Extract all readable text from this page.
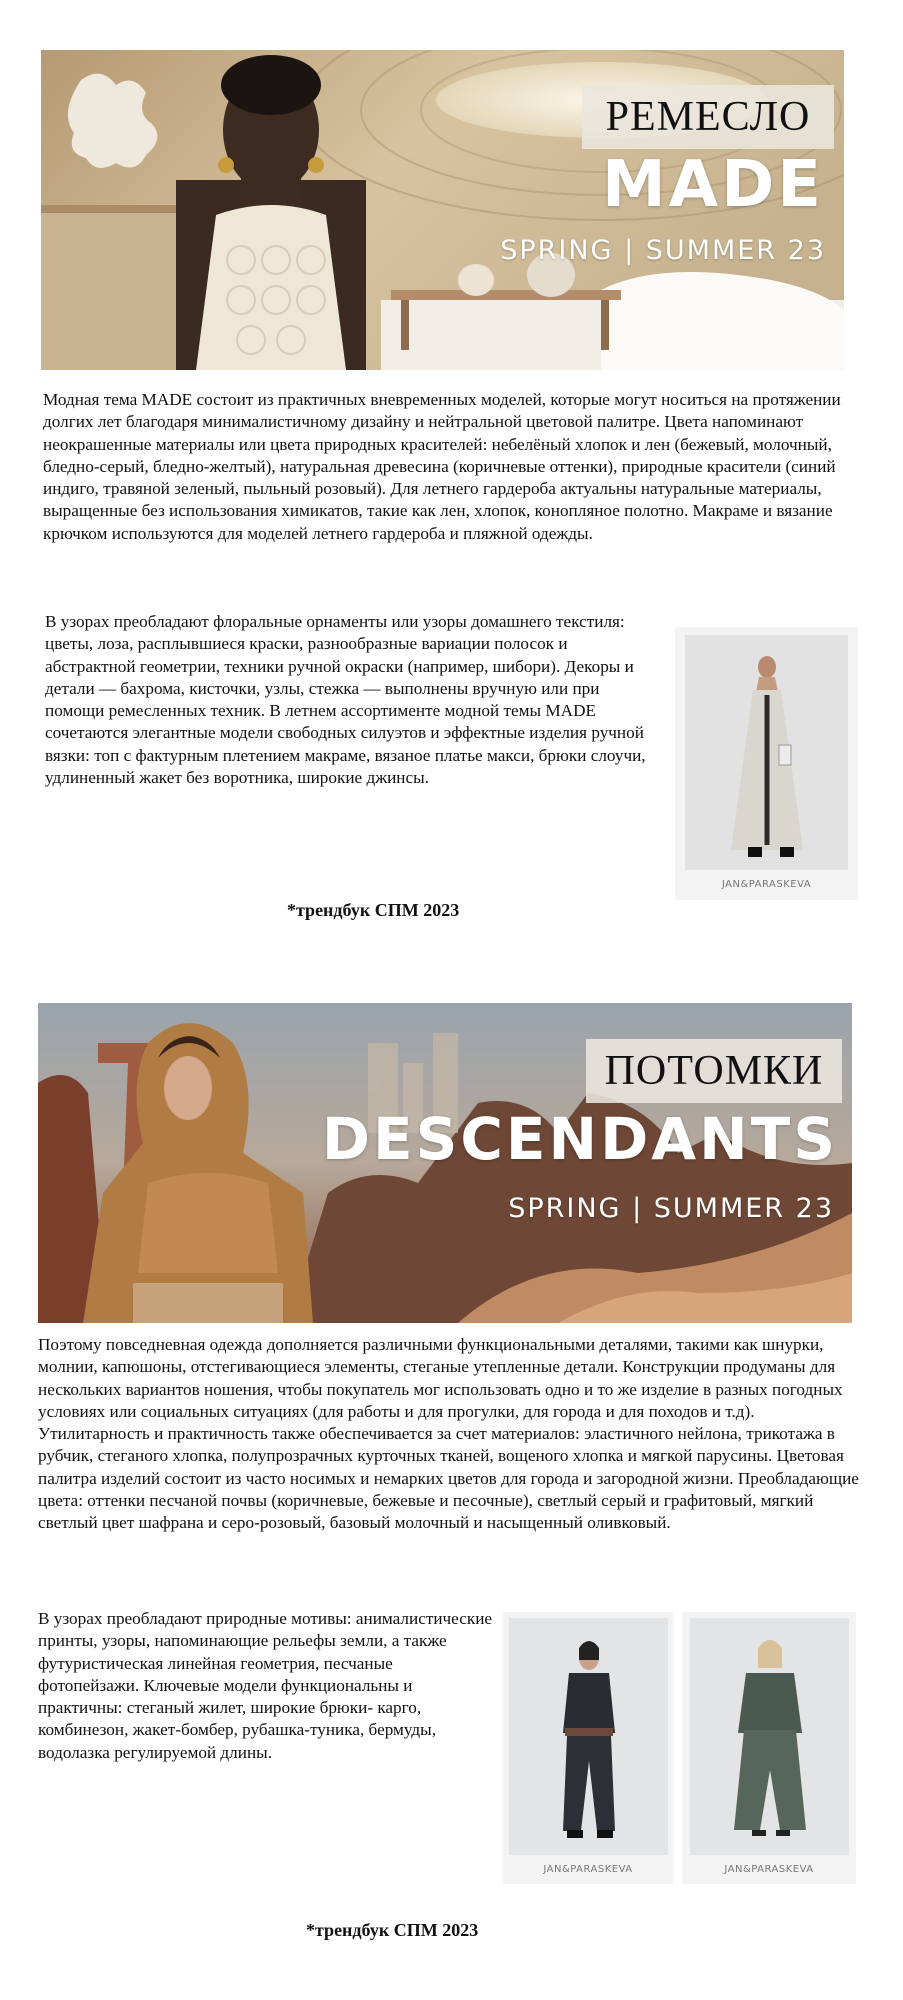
РЕМЕСЛО
MADE
SPRING | SUMMER 23
Модная тема MADE состоит из практичных вневременных моделей, которые могут носиться на протяжении долгих лет благодаря минималистичному дизайну и нейтральной цветовой палитре. Цвета напоминают неокрашенные материалы или цвета природных красителей: небелёный хлопок и лен (бежевый, молочный, бледно-серый, бледно-желтый), натуральная древесина (коричневые оттенки), природные красители (синий индиго, травяной зеленый, пыльный розовый). Для летнего гардероба актуальны натуральные материалы, выращенные без использования химикатов, такие как лен, хлопок, конопляное полотно. Макраме и вязание крючком используются для моделей летнего гардероба и пляжной одежды.
В узорах преобладают флоральные орнаменты или узоры домашнего текстиля: цветы, лоза, расплывшиеся краски, разнообразные вариации полосок и абстрактной геометрии, техники ручной окраски (например, шибори). Декоры и детали — бахрома, кисточки, узлы, стежка — выполнены вручную или при помощи ремесленных техник. В летнем ассортименте модной темы MADE сочетаются элегантные модели свободных силуэтов и эффектные изделия ручной вязки: топ с фактурным плетением макраме, вязаное платье макси, брюки слоучи, удлиненный жакет без воротника, широкие джинсы.
JAN&PARASKEVA
*трендбук СПМ 2023
ПОТОМКИ
DESCENDANTS
SPRING | SUMMER 23
Поэтому повседневная одежда дополняется различными функциональными деталями, такими как шнурки, молнии, капюшоны, отстегивающиеся элементы, стеганые утепленные детали. Конструкции продуманы для нескольких вариантов ношения, чтобы покупатель мог использовать одно и то же изделие в разных погодных условиях или социальных ситуациях (для работы и для прогулки, для города и для походов и т.д). Утилитарность и практичность также обеспечивается за счет материалов: эластичного нейлона, трикотажа в рубчик, стеганого хлопка, полупрозрачных курточных тканей, вощеного хлопка и мягкой парусины. Цветовая палитра изделий состоит из часто носимых и немарких цветов для города и загородной жизни. Преобладающие цвета: оттенки песчаной почвы (коричневые, бежевые и песочные), светлый серый и графитовый, мягкий светлый цвет шафрана и серо-розовый, базовый молочный и насыщенный оливковый.
В узорах преобладают природные мотивы: анималистические принты, узоры, напоминающие рельефы земли, а также футуристическая линейная геометрия, песчаные фотопейзажи. Ключевые модели функциональны и практичны: стеганый жилет, широкие брюки- карго, комбинезон, жакет-бомбер, рубашка-туника, бермуды, водолазка регулируемой длины.
JAN&PARASKEVA	JAN&PARASKEVA
*трендбук СПМ 2023
